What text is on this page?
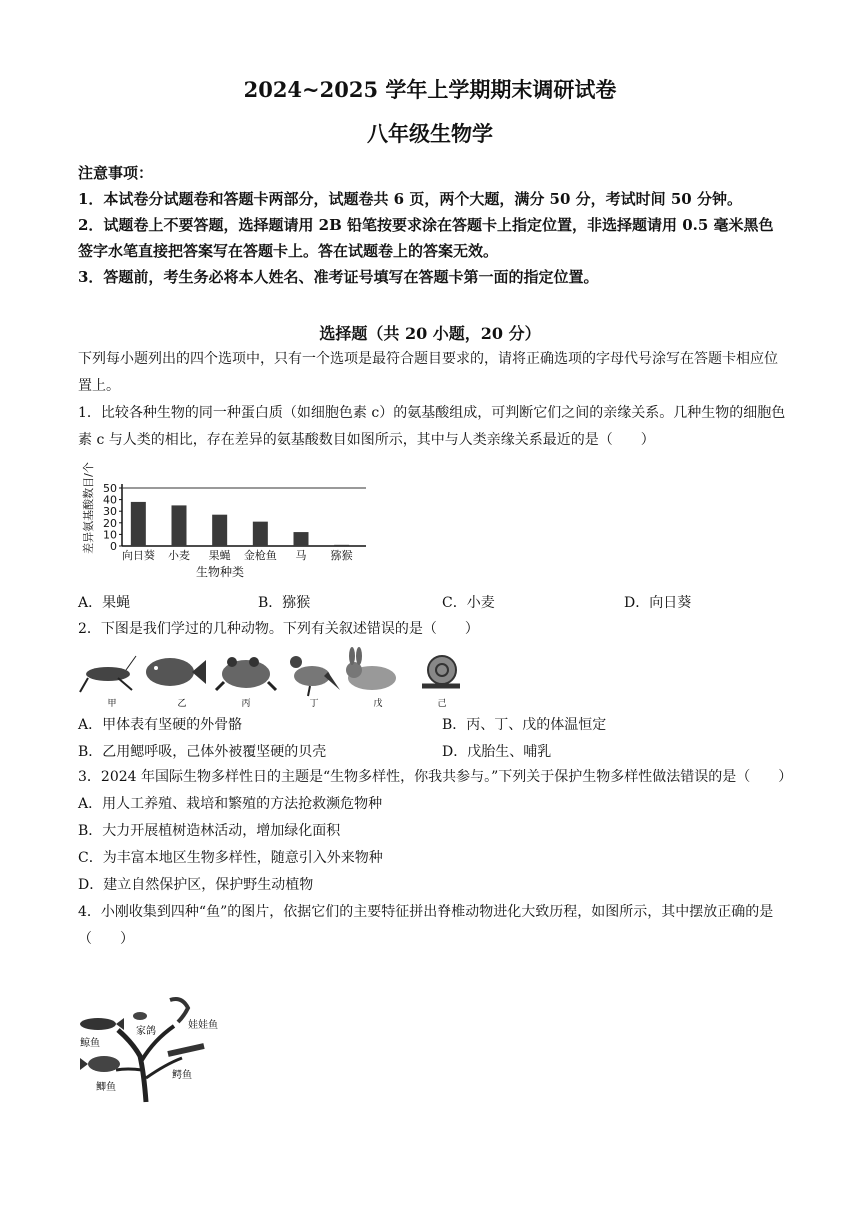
2024~2025 学年上学期期末调研试卷
八年级生物学

注意事项：

1．本试卷分试题卷和答题卡两部分，试题卷共 6 页，两个大题，满分 50 分，考试时间 50 分钟。

2．试题卷上不要答题，选择题请用 2B 铅笔按要求涂在答题卡上指定位置，非选择题请用 0.5 毫米黑色签字水笔直接把答案写在答题卡上。答在试题卷上的答案无效。

3．答题前，考生务必将本人姓名、准考证号填写在答题卡第一面的指定位置。

选择题（共 20 小题，20 分）

下列每小题列出的四个选项中，只有一个选项是最符合题目要求的，请将正确选项的字母代号涂写在答题卡相应位置上。

1．比较各种生物的同一种蛋白质（如细胞色素 c）的氨基酸组成，可判断它们之间的亲缘关系。几种生物的细胞色素 c 与人类的相比，存在差异的氨基酸数目如图所示，其中与人类亲缘关系最近的是（　　）

0
10
20
30
40
50
向日葵 小麦 果蝇 金枪鱼 马 猕猴
生物种类
差异氨基酸数目/个
A．果蝇	B．猕猴	C．小麦	D．向日葵

2．下图是我们学过的几种动物。下列有关叙述错误的是（　　）

甲	乙	丙	丁	戊	己
A．甲体表有坚硬的外骨骼	B．丙、丁、戊的体温恒定
B．乙用鳃呼吸，己体外被覆坚硬的贝壳	D．戊胎生、哺乳

3．2024 年国际生物多样性日的主题是“生物多样性，你我共参与。”下列关于保护生物多样性做法错误的是（　　）

A．用人工养殖、栽培和繁殖的方法抢救濒危物种

B．大力开展植树造林活动，增加绿化面积

C．为丰富本地区生物多样性，随意引入外来物种

D．建立自然保护区，保护野生动植物

4．小刚收集到四种“鱼”的图片，依据它们的主要特征拼出脊椎动物进化大致历程，如图所示，其中摆放正确的是（　　）

鲸鱼
家鸽
娃娃鱼
鲫鱼
鳄鱼
